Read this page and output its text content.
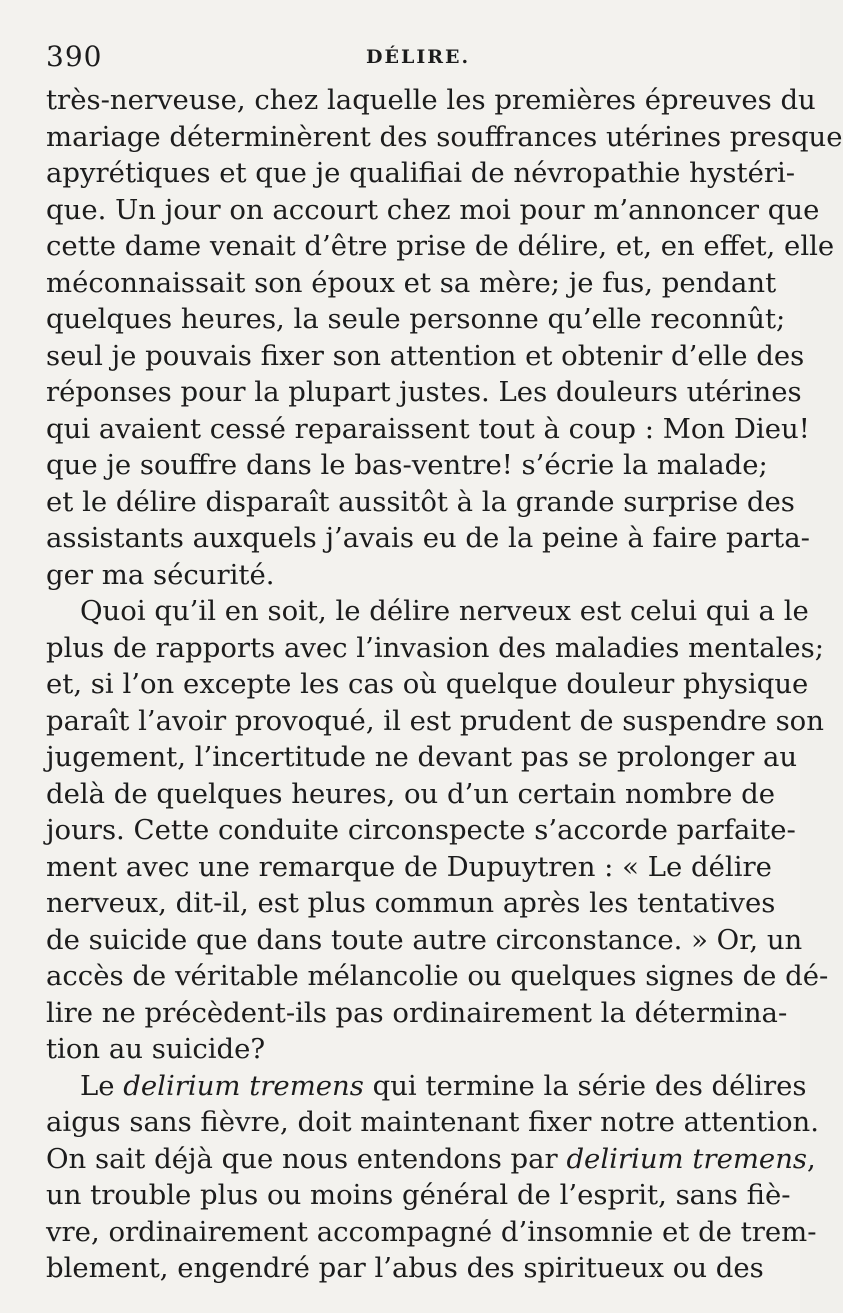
390	DÉLIRE.
très-nerveuse, chez laquelle les premières épreuves du
mariage déterminèrent des souffrances utérines presque
apyrétiques et que je qualifiai de névropathie hystéri-
que. Un jour on accourt chez moi pour m’annoncer que
cette dame venait d’être prise de délire, et, en effet, elle
méconnaissait son époux et sa mère; je fus, pendant
quelques heures, la seule personne qu’elle reconnût;
seul je pouvais fixer son attention et obtenir d’elle des
réponses pour la plupart justes. Les douleurs utérines
qui avaient cessé reparaissent tout à coup : Mon Dieu!
que je souffre dans le bas-ventre! s’écrie la malade;
et le délire disparaît aussitôt à la grande surprise des
assistants auxquels j’avais eu de la peine à faire parta-
ger ma sécurité.
Quoi qu’il en soit, le délire nerveux est celui qui a le
plus de rapports avec l’invasion des maladies mentales;
et, si l’on excepte les cas où quelque douleur physique
paraît l’avoir provoqué, il est prudent de suspendre son
jugement, l’incertitude ne devant pas se prolonger au
delà de quelques heures, ou d’un certain nombre de
jours. Cette conduite circonspecte s’accorde parfaite-
ment avec une remarque de Dupuytren : « Le délire
nerveux, dit-il, est plus commun après les tentatives
de suicide que dans toute autre circonstance. » Or, un
accès de véritable mélancolie ou quelques signes de dé-
lire ne précèdent-ils pas ordinairement la détermina-
tion au suicide?
Le delirium tremens qui termine la série des délires
aigus sans fièvre, doit maintenant fixer notre attention.
On sait déjà que nous entendons par delirium tremens,
un trouble plus ou moins général de l’esprit, sans fiè-
vre, ordinairement accompagné d’insomnie et de trem-
blement, engendré par l’abus des spiritueux ou des
